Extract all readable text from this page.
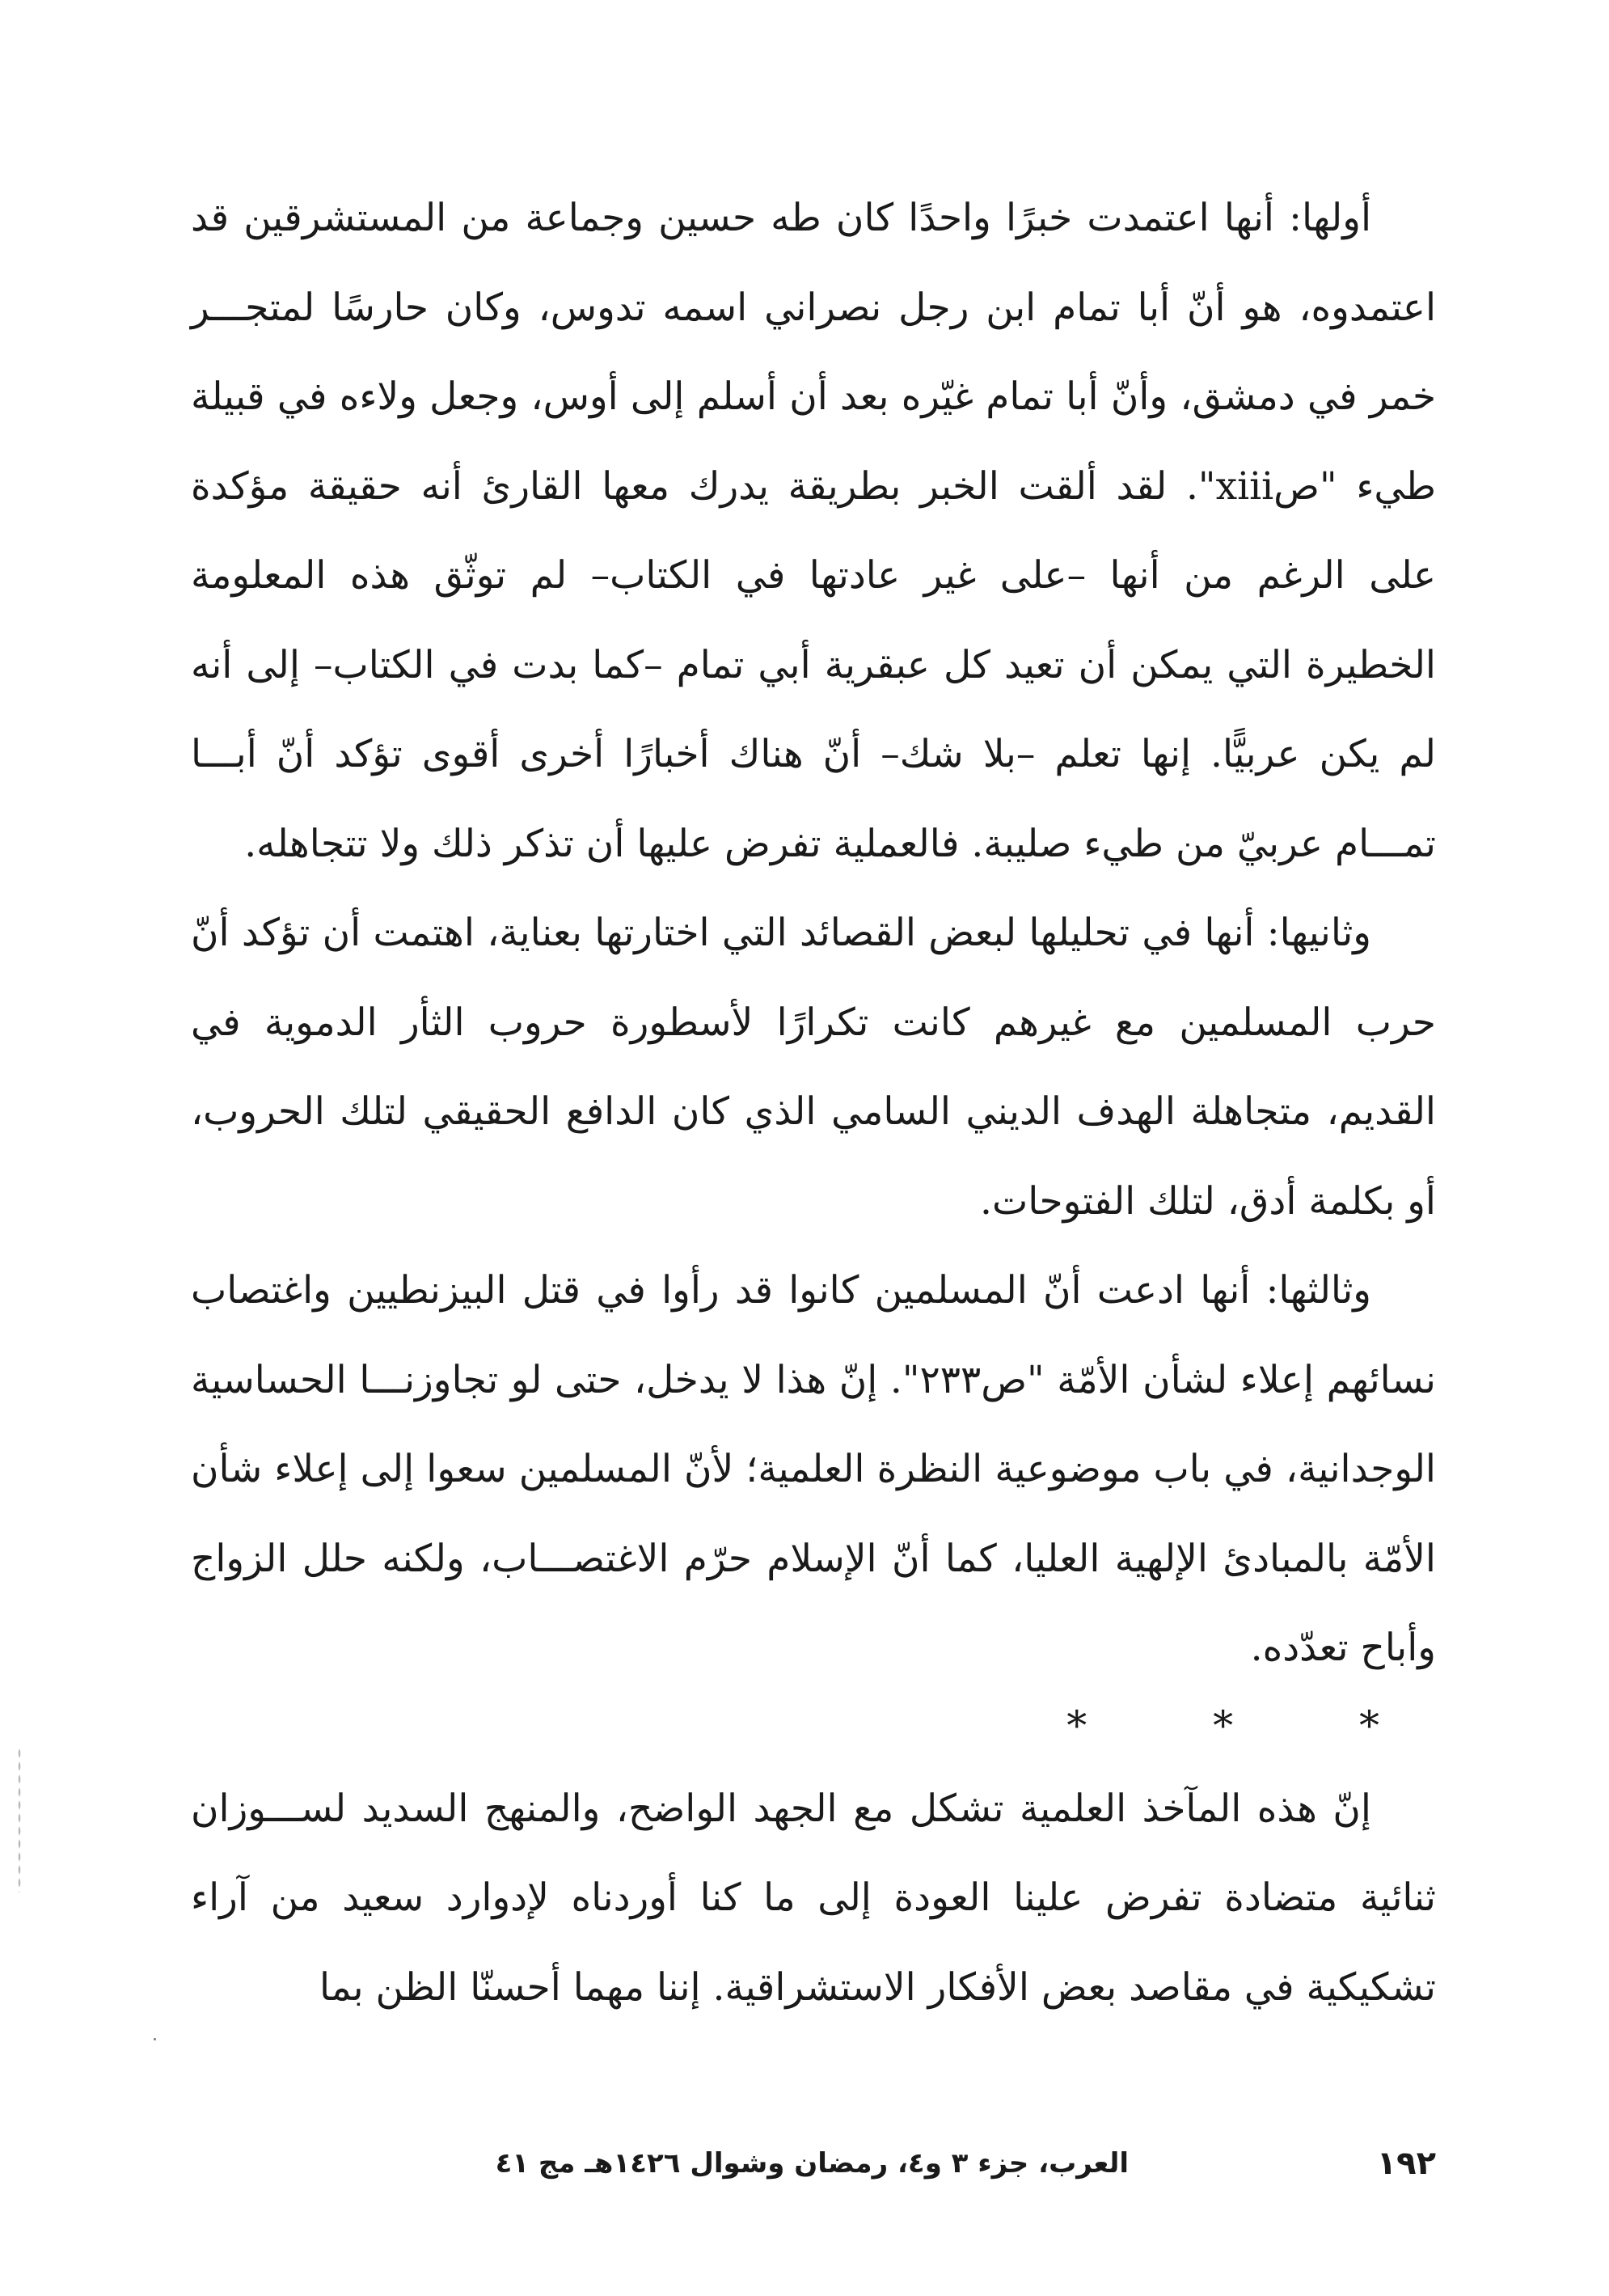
أولها: أنها اعتمدت خبرًا واحدًا كان طه حسين وجماعة من المستشرقين قد اعتمدوه، هو أنّ أبا تمام ابن رجل نصراني اسمه تدوس، وكان حارسًا لمتجـــر خمر في دمشق، وأنّ أبا تمام غيّره بعد أن أسلم إلى أوس، وجعل ولاءه في قبيلة طيء "صxiii". لقد ألقت الخبر بطريقة يدرك معها القارئ أنه حقيقة مؤكدة على الرغم من أنها –على غير عادتها في الكتاب– لم توثّق هذه المعلومة الخطيرة التي يمكن أن تعيد كل عبقرية أبي تمام –كما بدت في الكتاب– إلى أنه لم يكن عربيًّا. إنها تعلم –بلا شك– أنّ هناك أخبارًا أخرى أقوى تؤكد أنّ أبـــا تمـــام عربيّ من طيء صليبة. فالعملية تفرض عليها أن تذكر ذلك ولا تتجاهله.

وثانيها: أنها في تحليلها لبعض القصائد التي اختارتها بعناية، اهتمت أن تؤكد أنّ حرب المسلمين مع غيرهم كانت تكرارًا لأسطورة حروب الثأر الدموية في القديم، متجاهلة الهدف الديني السامي الذي كان الدافع الحقيقي لتلك الحروب، أو بكلمة أدق، لتلك الفتوحات.

وثالثها: أنها ادعت أنّ المسلمين كانوا قد رأوا في قتل البيزنطيين واغتصاب نسائهم إعلاء لشأن الأمّة "ص٢٣٣". إنّ هذا لا يدخل، حتى لو تجاوزنـــا الحساسية الوجدانية، في باب موضوعية النظرة العلمية؛ لأنّ المسلمين سعوا إلى إعلاء شأن الأمّة بالمبادئ الإلهية العليا، كما أنّ الإسلام حرّم الاغتصـــاب، ولكنه حلل الزواج وأباح تعدّده.

* * *

إنّ هذه المآخذ العلمية تشكل مع الجهد الواضح، والمنهج السديد لســـوزان ثنائية متضادة تفرض علينا العودة إلى ما كنا أوردناه لإدوارد سعيد من آراء تشكيكية في مقاصد بعض الأفكار الاستشراقية. إننا مهما أحسنّا الظن بما

١٩٢
العرب، جزء ٣ و٤، رمضان وشوال ١٤٢٦هـ مج ٤١
